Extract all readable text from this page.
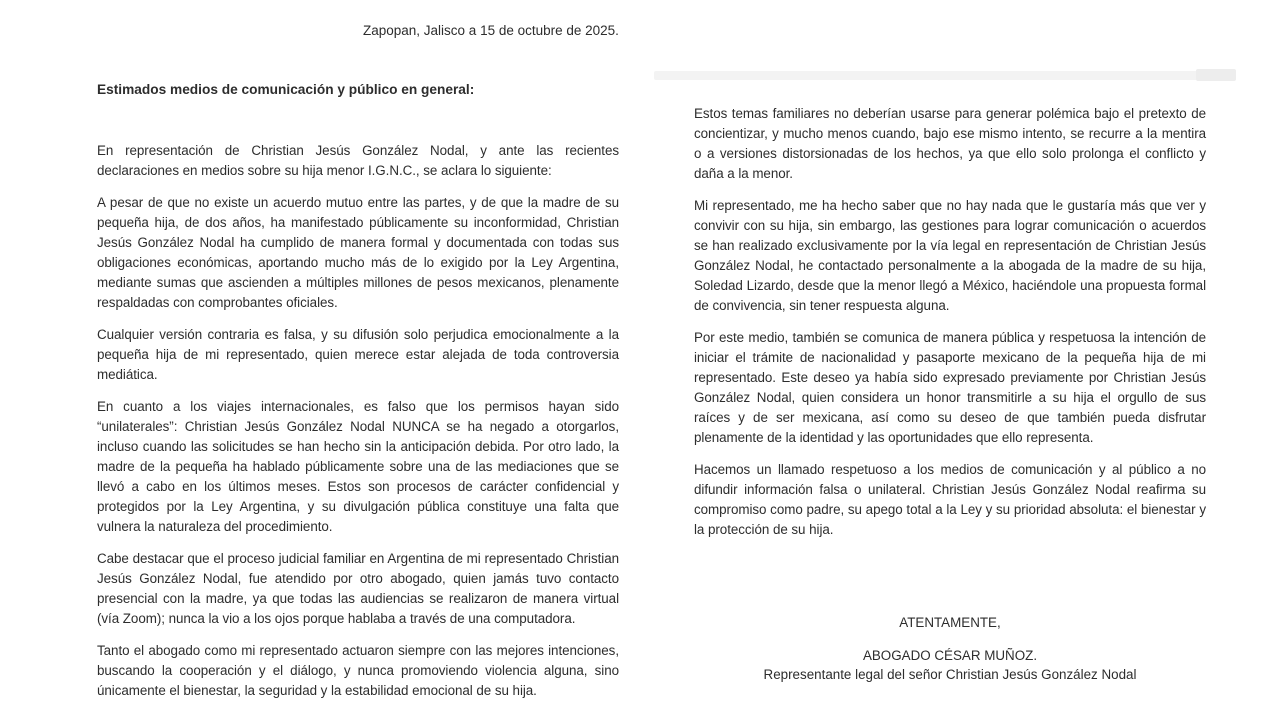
Zapopan, Jalisco a 15 de octubre de 2025.
Estimados medios de comunicación y público en general:

En representación de Christian Jesús González Nodal, y ante las recientes declaraciones en medios sobre su hija menor I.G.N.C., se aclara lo siguiente:

A pesar de que no existe un acuerdo mutuo entre las partes, y de que la madre de su pequeña hija, de dos años, ha manifestado públicamente su inconformidad, Christian Jesús González Nodal ha cumplido de manera formal y documentada con todas sus obligaciones económicas, aportando mucho más de lo exigido por la Ley Argentina, mediante sumas que ascienden a múltiples millones de pesos mexicanos, plenamente respaldadas con comprobantes oficiales.

Cualquier versión contraria es falsa, y su difusión solo perjudica emocionalmente a la pequeña hija de mi representado, quien merece estar alejada de toda controversia mediática.

En cuanto a los viajes internacionales, es falso que los permisos hayan sido “unilaterales”: Christian Jesús González Nodal NUNCA se ha negado a otorgarlos, incluso cuando las solicitudes se han hecho sin la anticipación debida. Por otro lado, la madre de la pequeña ha hablado públicamente sobre una de las mediaciones que se llevó a cabo en los últimos meses. Estos son procesos de carácter confidencial y protegidos por la Ley Argentina, y su divulgación pública constituye una falta que vulnera la naturaleza del procedimiento.

Cabe destacar que el proceso judicial familiar en Argentina de mi representado Christian Jesús González Nodal, fue atendido por otro abogado, quien jamás tuvo contacto presencial con la madre, ya que todas las audiencias se realizaron de manera virtual (vía Zoom); nunca la vio a los ojos porque hablaba a través de una computadora.

Tanto el abogado como mi representado actuaron siempre con las mejores intenciones, buscando la cooperación y el diálogo, y nunca promoviendo violencia alguna, sino únicamente el bienestar, la seguridad y la estabilidad emocional de su hija.

Estos temas familiares no deberían usarse para generar polémica bajo el pretexto de concientizar, y mucho menos cuando, bajo ese mismo intento, se recurre a la mentira o a versiones distorsionadas de los hechos, ya que ello solo prolonga el conflicto y daña a la menor.

Mi representado, me ha hecho saber que no hay nada que le gustaría más que ver y convivir con su hija, sin embargo, las gestiones para lograr comunicación o acuerdos se han realizado exclusivamente por la vía legal en representación de Christian Jesús González Nodal, he contactado personalmente a la abogada de la madre de su hija, Soledad Lizardo, desde que la menor llegó a México, haciéndole una propuesta formal de convivencia, sin tener respuesta alguna.

Por este medio, también se comunica de manera pública y respetuosa la intención de iniciar el trámite de nacionalidad y pasaporte mexicano de la pequeña hija de mi representado. Este deseo ya había sido expresado previamente por Christian Jesús González Nodal, quien considera un honor transmitirle a su hija el orgullo de sus raíces y de ser mexicana, así como su deseo de que también pueda disfrutar plenamente de la identidad y las oportunidades que ello representa.

Hacemos un llamado respetuoso a los medios de comunicación y al público a no difundir información falsa o unilateral. Christian Jesús González Nodal reafirma su compromiso como padre, su apego total a la Ley y su prioridad absoluta: el bienestar y la protección de su hija.

ATENTAMENTE,

ABOGADO CÉSAR MUÑOZ.

Representante legal del señor Christian Jesús González Nodal
